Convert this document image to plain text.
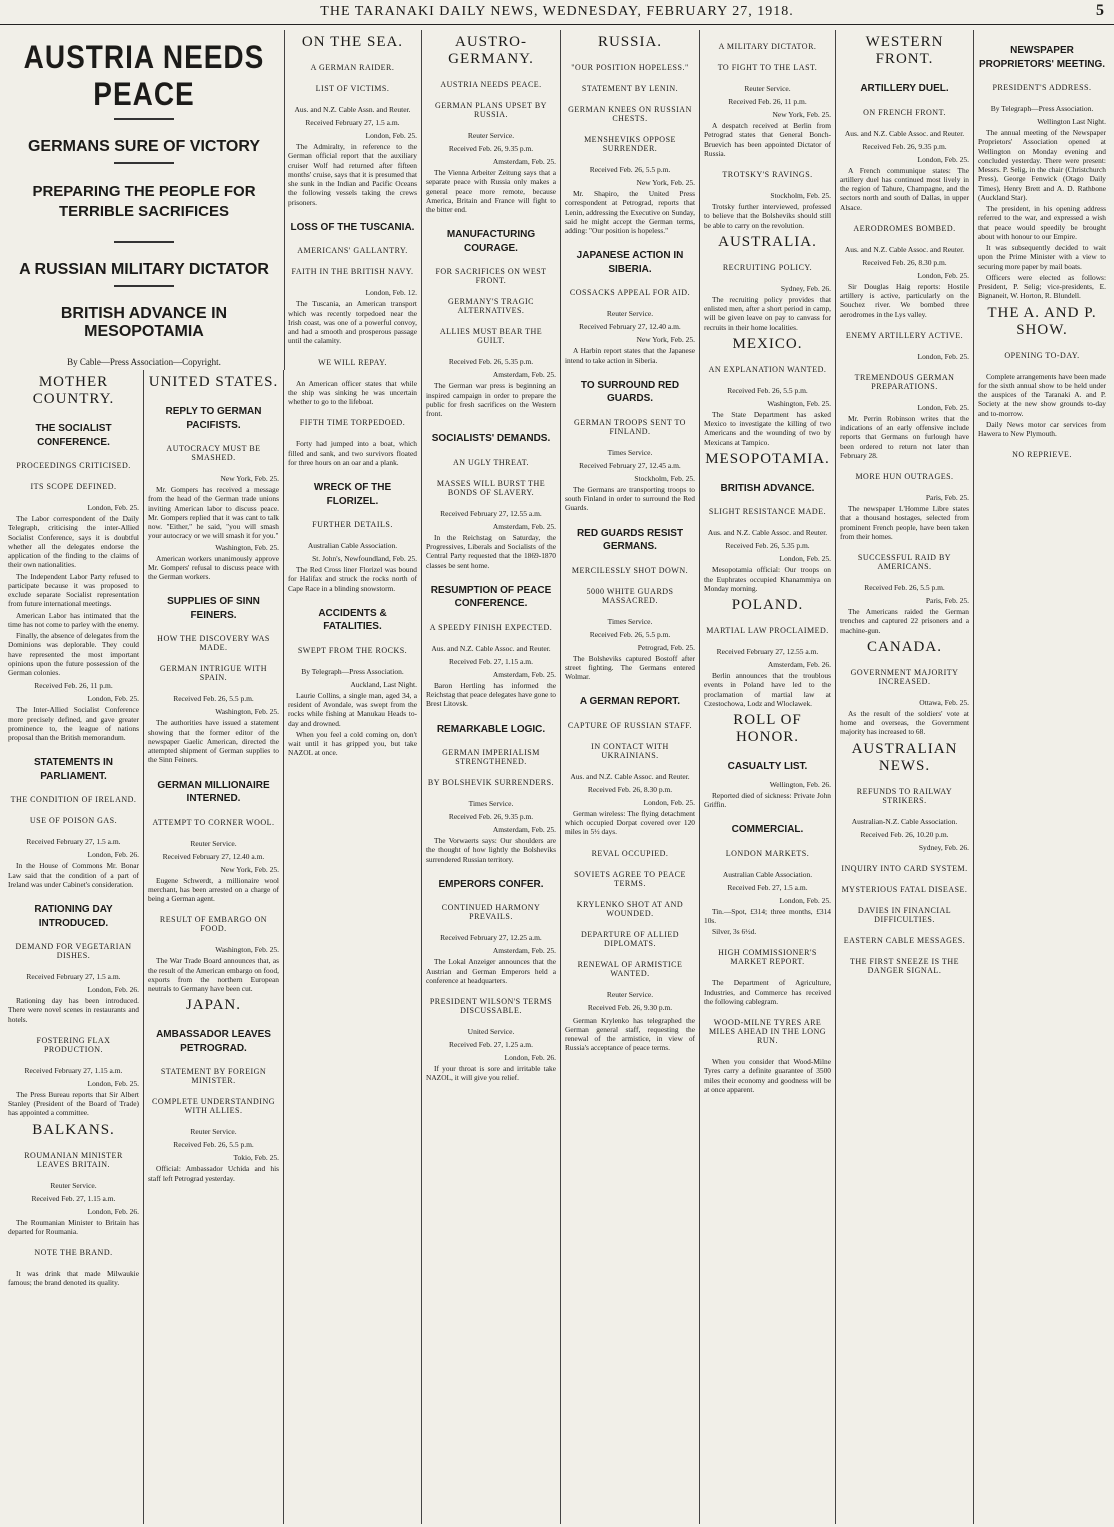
THE TARANAKI DAILY NEWS, WEDNESDAY, FEBRUARY 27, 1918.	5
AUSTRIA NEEDS PEACE
GERMANS SURE OF VICTORY
PREPARING THE PEOPLE FOR TERRIBLE SACRIFICES
A RUSSIAN MILITARY DICTATOR
BRITISH ADVANCE IN MESOPOTAMIA
By Cable—Press Association—Copyright.
MOTHER COUNTRY.
THE SOCIALIST CONFERENCE.
PROCEEDINGS CRITICISED.
ITS SCOPE DEFINED.
London, Feb. 25.

The Labor correspondent of the Daily Telegraph, criticising the inter-Allied Socialist Conference, says it is doubtful whether all the delegates endorse the application of the finding to the claims of their own nationalities.

The Independent Labor Party refused to participate because it was proposed to exclude separate Socialist representation from future international meetings.

American Labor has intimated that the time has not come to parley with the enemy.

Finally, the absence of delegates from the Dominions was deplorable. They could have represented the most important opinions upon the future possession of the German colonies.

Received Feb. 26, 11 p.m.
London, Feb. 25.

The Inter-Allied Socialist Conference more precisely defined, and gave greater prominence to, the league of nations proposal than the British memorandum.

STATEMENTS IN PARLIAMENT.
THE CONDITION OF IRELAND.
USE OF POISON GAS.
Received February 27, 1.5 a.m.
London, Feb. 26.

In the House of Commons Mr. Bonar Law said that the condition of a part of Ireland was under Cabinet's consideration.

RATIONING DAY INTRODUCED.
DEMAND FOR VEGETARIAN DISHES.
Received February 27, 1.5 a.m.
London, Feb. 26.

Rationing day has been introduced. There were novel scenes in restaurants and hotels.

FOSTERING FLAX PRODUCTION.
Received February 27, 1.15 a.m.
London, Feb. 25.

The Press Bureau reports that Sir Albert Stanley (President of the Board of Trade) has appointed a committee.

BALKANS.
ROUMANIAN MINISTER LEAVES BRITAIN.
Reuter Service.
Received Feb. 27, 1.15 a.m.
London, Feb. 26.

The Roumanian Minister to Britain has departed for Roumania.

NOTE THE BRAND.

It was drink that made Milwaukie famous; the brand denoted its quality.

UNITED STATES.
REPLY TO GERMAN PACIFISTS.
AUTOCRACY MUST BE SMASHED.
New York, Feb. 25.

Mr. Gompers has received a message from the head of the German trade unions inviting American labor to discuss peace. Mr. Gompers replied that it was cant to talk now. "Either," he said, "you will smash your autocracy or we will smash it for you."

Washington, Feb. 25.

American workers unanimously approve Mr. Gompers' refusal to discuss peace with the German workers.

SUPPLIES OF SINN FEINERS.
HOW THE DISCOVERY WAS MADE.
GERMAN INTRIGUE WITH SPAIN.
Received Feb. 26, 5.5 p.m.
Washington, Feb. 25.

The authorities have issued a statement showing that the former editor of the newspaper Gaelic American, directed the attempted shipment of German supplies to the Sinn Feiners.

GERMAN MILLIONAIRE INTERNED.
ATTEMPT TO CORNER WOOL.
Reuter Service.
Received February 27, 12.40 a.m.
New York, Feb. 25.

Eugene Schwerdt, a millionaire wool merchant, has been arrested on a charge of being a German agent.

RESULT OF EMBARGO ON FOOD.
Washington, Feb. 25.

The War Trade Board announces that, as the result of the American embargo on food, exports from the northern European neutrals to Germany have been cut.

JAPAN.
AMBASSADOR LEAVES PETROGRAD.
STATEMENT BY FOREIGN MINISTER.
COMPLETE UNDERSTANDING WITH ALLIES.
Reuter Service.
Received Feb. 26, 5.5 p.m.
Tokio, Feb. 25.

Official: Ambassador Uchida and his staff left Petrograd yesterday.

ON THE SEA.
A GERMAN RAIDER.
LIST OF VICTIMS.
Aus. and N.Z. Cable Assn. and Reuter.
Received February 27, 1.5 a.m.
London, Feb. 25.

The Admiralty, in reference to the German official report that the auxiliary cruiser Wolf had returned after fifteen months' cruise, says that it is presumed that she sunk in the Indian and Pacific Oceans the following vessels taking the crews prisoners.

LOSS OF THE TUSCANIA.
AMERICANS' GALLANTRY.
FAITH IN THE BRITISH NAVY.
London, Feb. 12.

The Tuscania, an American transport which was recently torpedoed near the Irish coast, was one of a powerful convoy, and had a smooth and prosperous passage until the calamity.

WE WILL REPAY.

An American officer states that while the ship was sinking he was uncertain whether to go to the lifeboat.

FIFTH TIME TORPEDOED.

Forty had jumped into a boat, which filled and sank, and two survivors floated for three hours on an oar and a plank.

WRECK OF THE FLORIZEL.
FURTHER DETAILS.
Australian Cable Association.
St. John's, Newfoundland, Feb. 25.

The Red Cross liner Florizel was bound for Halifax and struck the rocks north of Cape Race in a blinding snowstorm.

ACCIDENTS & FATALITIES.
SWEPT FROM THE ROCKS.
By Telegraph—Press Association.
Auckland, Last Night.

Laurie Collins, a single man, aged 34, a resident of Avondale, was swept from the rocks while fishing at Manukau Heads to-day and drowned.

When you feel a cold coming on, don't wait until it has gripped you, but take NAZOL at once.

AUSTRO-GERMANY.
AUSTRIA NEEDS PEACE.
GERMAN PLANS UPSET BY RUSSIA.
Reuter Service.
Received Feb. 26, 9.35 p.m.
Amsterdam, Feb. 25.

The Vienna Arbeiter Zeitung says that a separate peace with Russia only makes a general peace more remote, because America, Britain and France will fight to the bitter end.

MANUFACTURING COURAGE.
FOR SACRIFICES ON WEST FRONT.
GERMANY'S TRAGIC ALTERNATIVES.
ALLIES MUST BEAR THE GUILT.
Received Feb. 26, 5.35 p.m.
Amsterdam, Feb. 25.

The German war press is beginning an inspired campaign in order to prepare the public for fresh sacrifices on the Western front.

SOCIALISTS' DEMANDS.
AN UGLY THREAT.
MASSES WILL BURST THE BONDS OF SLAVERY.
Received February 27, 12.55 a.m.
Amsterdam, Feb. 25.

In the Reichstag on Saturday, the Progressives, Liberals and Socialists of the Central Party requested that the 1869-1870 classes be sent home.

RESUMPTION OF PEACE CONFERENCE.
A SPEEDY FINISH EXPECTED.
Aus. and N.Z. Cable Assoc. and Reuter.
Received Feb. 27, 1.15 a.m.
Amsterdam, Feb. 25.

Baron Hertling has informed the Reichstag that peace delegates have gone to Brest Litovsk.

REMARKABLE LOGIC.
GERMAN IMPERIALISM STRENGTHENED.
BY BOLSHEVIK SURRENDERS.
Times Service.
Received Feb. 26, 9.35 p.m.
Amsterdam, Feb. 25.

The Vorwaerts says: Our shoulders are the thought of how lightly the Bolsheviks surrendered Russian territory.

EMPERORS CONFER.
CONTINUED HARMONY PREVAILS.
Received February 27, 12.25 a.m.
Amsterdam, Feb. 25.

The Lokal Anzeiger announces that the Austrian and German Emperors held a conference at headquarters.

PRESIDENT WILSON'S TERMS DISCUSSABLE.
United Service.
Received Feb. 27, 1.25 a.m.
London, Feb. 26.

If your throat is sore and irritable take NAZOL, it will give you relief.

RUSSIA.
"OUR POSITION HOPELESS."
STATEMENT BY LENIN.
GERMAN KNEES ON RUSSIAN CHESTS.
MENSHEVIKS OPPOSE SURRENDER.
Received Feb. 26, 5.5 p.m.
New York, Feb. 25.

Mr. Shapiro, the United Press correspondent at Petrograd, reports that Lenin, addressing the Executive on Sunday, said he might accept the German terms, adding: "Our position is hopeless."

JAPANESE ACTION IN SIBERIA.
COSSACKS APPEAL FOR AID.
Reuter Service.
Received February 27, 12.40 a.m.
New York, Feb. 25.

A Harbin report states that the Japanese intend to take action in Siberia.

TO SURROUND RED GUARDS.
GERMAN TROOPS SENT TO FINLAND.
Times Service.
Received February 27, 12.45 a.m.
Stockholm, Feb. 25.

The Germans are transporting troops to south Finland in order to surround the Red Guards.

RED GUARDS RESIST GERMANS.
MERCILESSLY SHOT DOWN.
5000 WHITE GUARDS MASSACRED.
Times Service.
Received Feb. 26, 5.5 p.m.
Petrograd, Feb. 25.

The Bolsheviks captured Bostoff after street fighting. The Germans entered Wolmar.

A GERMAN REPORT.
CAPTURE OF RUSSIAN STAFF.
IN CONTACT WITH UKRAINIANS.
Aus. and N.Z. Cable Assoc. and Reuter.
Received Feb. 26, 8.30 p.m.
London, Feb. 25.

German wireless: The flying detachment which occupied Dorpat covered over 120 miles in 5½ days.

REVAL OCCUPIED.
SOVIETS AGREE TO PEACE TERMS.
KRYLENKO SHOT AT AND WOUNDED.
DEPARTURE OF ALLIED DIPLOMATS.
RENEWAL OF ARMISTICE WANTED.
Reuter Service.
Received Feb. 26, 9.30 p.m.

German Krylenko has telegraphed the German general staff, requesting the renewal of the armistice, in view of Russia's acceptance of peace terms.

A MILITARY DICTATOR.
TO FIGHT TO THE LAST.
Reuter Service.
Received Feb. 26, 11 p.m.
New York, Feb. 25.

A despatch received at Berlin from Petrograd states that General Bonch-Bruevich has been appointed Dictator of Russia.

TROTSKY'S RAVINGS.
Stockholm, Feb. 25.

Trotsky further interviewed, professed to believe that the Bolsheviks should still be able to carry on the revolution.

AUSTRALIA.
RECRUITING POLICY.
Sydney, Feb. 26.

The recruiting policy provides that enlisted men, after a short period in camp, will be given leave on pay to canvass for recruits in their home localities.

MEXICO.
AN EXPLANATION WANTED.
Received Feb. 26, 5.5 p.m.
Washington, Feb. 25.

The State Department has asked Mexico to investigate the killing of two Americans and the wounding of two by Mexicans at Tampico.

MESOPOTAMIA.
BRITISH ADVANCE.
SLIGHT RESISTANCE MADE.
Aus. and N.Z. Cable Assoc. and Reuter.
Received Feb. 26, 5.35 p.m.
London, Feb. 25.

Mesopotamia official: Our troops on the Euphrates occupied Khanammiya on Monday morning.

POLAND.
MARTIAL LAW PROCLAIMED.
Received February 27, 12.55 a.m.
Amsterdam, Feb. 26.

Berlin announces that the troublous events in Poland have led to the proclamation of martial law at Czestochowa, Lodz and Wlocławek.

ROLL OF HONOR.
CASUALTY LIST.
Wellington, Feb. 26.

Reported died of sickness: Private John Griffin.

COMMERCIAL.
LONDON MARKETS.
Australian Cable Association.
Received Feb. 27, 1.5 a.m.
London, Feb. 25.

Tin.—Spot, £314; three months, £314 10s.

Silver, 3s 6½d.

HIGH COMMISSIONER'S MARKET REPORT.

The Department of Agriculture, Industries, and Commerce has received the following cablegram.

WOOD-MILNE TYRES ARE MILES AHEAD IN THE LONG RUN.

When you consider that Wood-Milne Tyres carry a definite guarantee of 3500 miles their economy and goodness will be at once apparent.

WESTERN FRONT.
ARTILLERY DUEL.
ON FRENCH FRONT.
Aus. and N.Z. Cable Assoc. and Reuter.
Received Feb. 26, 9.35 p.m.
London, Feb. 25.

A French communique states: The artillery duel has continued most lively in the region of Tahure, Champagne, and the sectors north and south of Dallas, in upper Alsace.

AERODROMES BOMBED.
Aus. and N.Z. Cable Assoc. and Reuter.
Received Feb. 26, 8.30 p.m.
London, Feb. 25.

Sir Douglas Haig reports: Hostile artillery is active, particularly on the Souchez river. We bombed three aerodromes in the Lys valley.

ENEMY ARTILLERY ACTIVE.
London, Feb. 25.
TREMENDOUS GERMAN PREPARATIONS.
London, Feb. 25.

Mr. Perrin Robinson writes that the indications of an early offensive include reports that Germans on furlough have been ordered to return not later than February 28.

MORE HUN OUTRAGES.
Paris, Feb. 25.

The newspaper L'Homme Libre states that a thousand hostages, selected from prominent French people, have been taken from their homes.

SUCCESSFUL RAID BY AMERICANS.
Received Feb. 26, 5.5 p.m.
Paris, Feb. 25.

The Americans raided the German trenches and captured 22 prisoners and a machine-gun.

CANADA.
GOVERNMENT MAJORITY INCREASED.
Ottawa, Feb. 25.

As the result of the soldiers' vote at home and overseas, the Government majority has increased to 68.

AUSTRALIAN NEWS.
REFUNDS TO RAILWAY STRIKERS.
Australian-N.Z. Cable Association.
Received Feb. 26, 10.20 p.m.
Sydney, Feb. 26.
INQUIRY INTO CARD SYSTEM.
MYSTERIOUS FATAL DISEASE.
DAVIES IN FINANCIAL DIFFICULTIES.
EASTERN CABLE MESSAGES.
THE FIRST SNEEZE IS THE DANGER SIGNAL.
NEWSPAPER PROPRIETORS' MEETING.
PRESIDENT'S ADDRESS.
By Telegraph—Press Association.
Wellington Last Night.

The annual meeting of the Newspaper Proprietors' Association opened at Wellington on Monday evening and concluded yesterday. There were present: Messrs. P. Selig, in the chair (Christchurch Press), George Fenwick (Otago Daily Times), Henry Brett and A. D. Rathbone (Auckland Star).

The president, in his opening address referred to the war, and expressed a wish that peace would speedily be brought about with honour to our Empire.

It was subsequently decided to wait upon the Prime Minister with a view to securing more paper by mail boats.

Officers were elected as follows: President, P. Selig; vice-presidents, E. Bignaneit, W. Horton, R. Blundell.

THE A. AND P. SHOW.
OPENING TO-DAY.

Complete arrangements have been made for the sixth annual show to be held under the auspices of the Taranaki A. and P. Society at the new show grounds to-day and to-morrow.

Daily News motor car services from Hawera to New Plymouth.

NO REPRIEVE.
